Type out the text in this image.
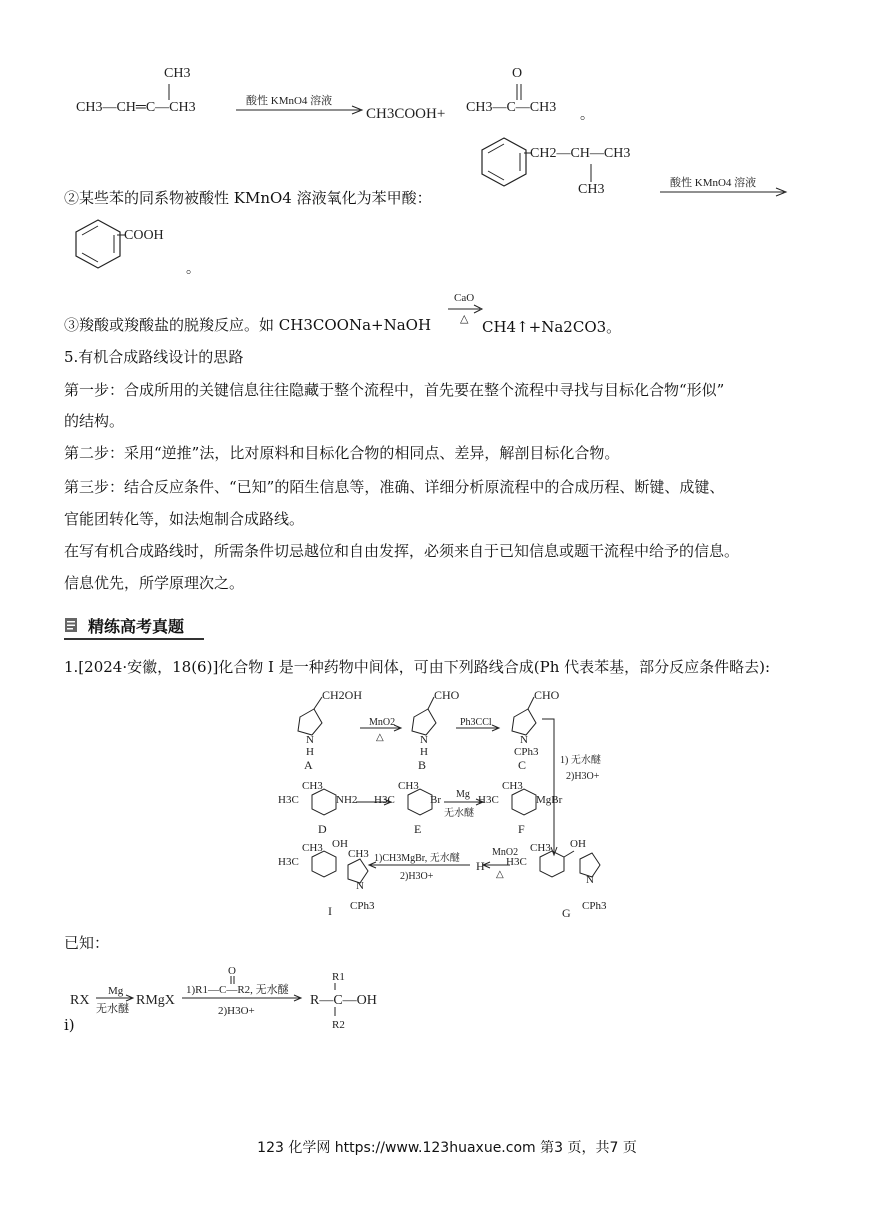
CH3
CH3—CH═C—CH3	酸性 KMnO4 溶液
CH3COOH+
O
CH3—C—CH3 。
CH2—CH—CH3
CH3	酸性 KMnO4 溶液
②某些苯的同系物被酸性 KMnO4 溶液氧化为苯甲酸：
COOH
。
③羧酸或羧酸盐的脱羧反应。如 CH3COONa+NaOH
CaO
△ CH4↑+Na2CO3。
5.有机合成路线设计的思路
第一步：合成所用的关键信息往往隐藏于整个流程中，首先要在整个流程中寻找与目标化合物“形似”
的结构。
第二步：采用“逆推”法，比对原料和目标化合物的相同点、差异，解剖目标化合物。
第三步：结合反应条件、“已知”的陌生信息等，准确、详细分析原流程中的合成历程、断键、成键、
官能团转化等，如法炮制合成路线。
在写有机合成路线时，所需条件切忌越位和自由发挥，必须来自于已知信息或题干流程中给予的信息。
信息优先，所学原理次之。
精练高考真题
1.[2024·安徽，18(6)]化合物 I 是一种药物中间体，可由下列路线合成(Ph 代表苯基，部分反应条件略去):
CH2OH
N
H
A
MnO2
△
CHO
N
H
B
Ph3CCl
CHO
N
CPh3
C	1) 无水醚
2)H3O+
H3C
CH3
NH2
D
H3C
CH3
Br
E
Mg
无水醚
H3C
CH3
MgBr
F
H3C
CH3 OH
N
CPh3
G
MnO2
△
H
1)CH3MgBr, 无水醚
2)H3O+
H3C
CH3 OH
CH3
N
CPh3
I
已知：
RX
Mg
无水醚
RMgX
O
1)R1—C—R2, 无水醚
2)H3O+
R1
R—C—OH
R2
i)
123 化学网 https://www.123huaxue.com 第3 页，共7 页
